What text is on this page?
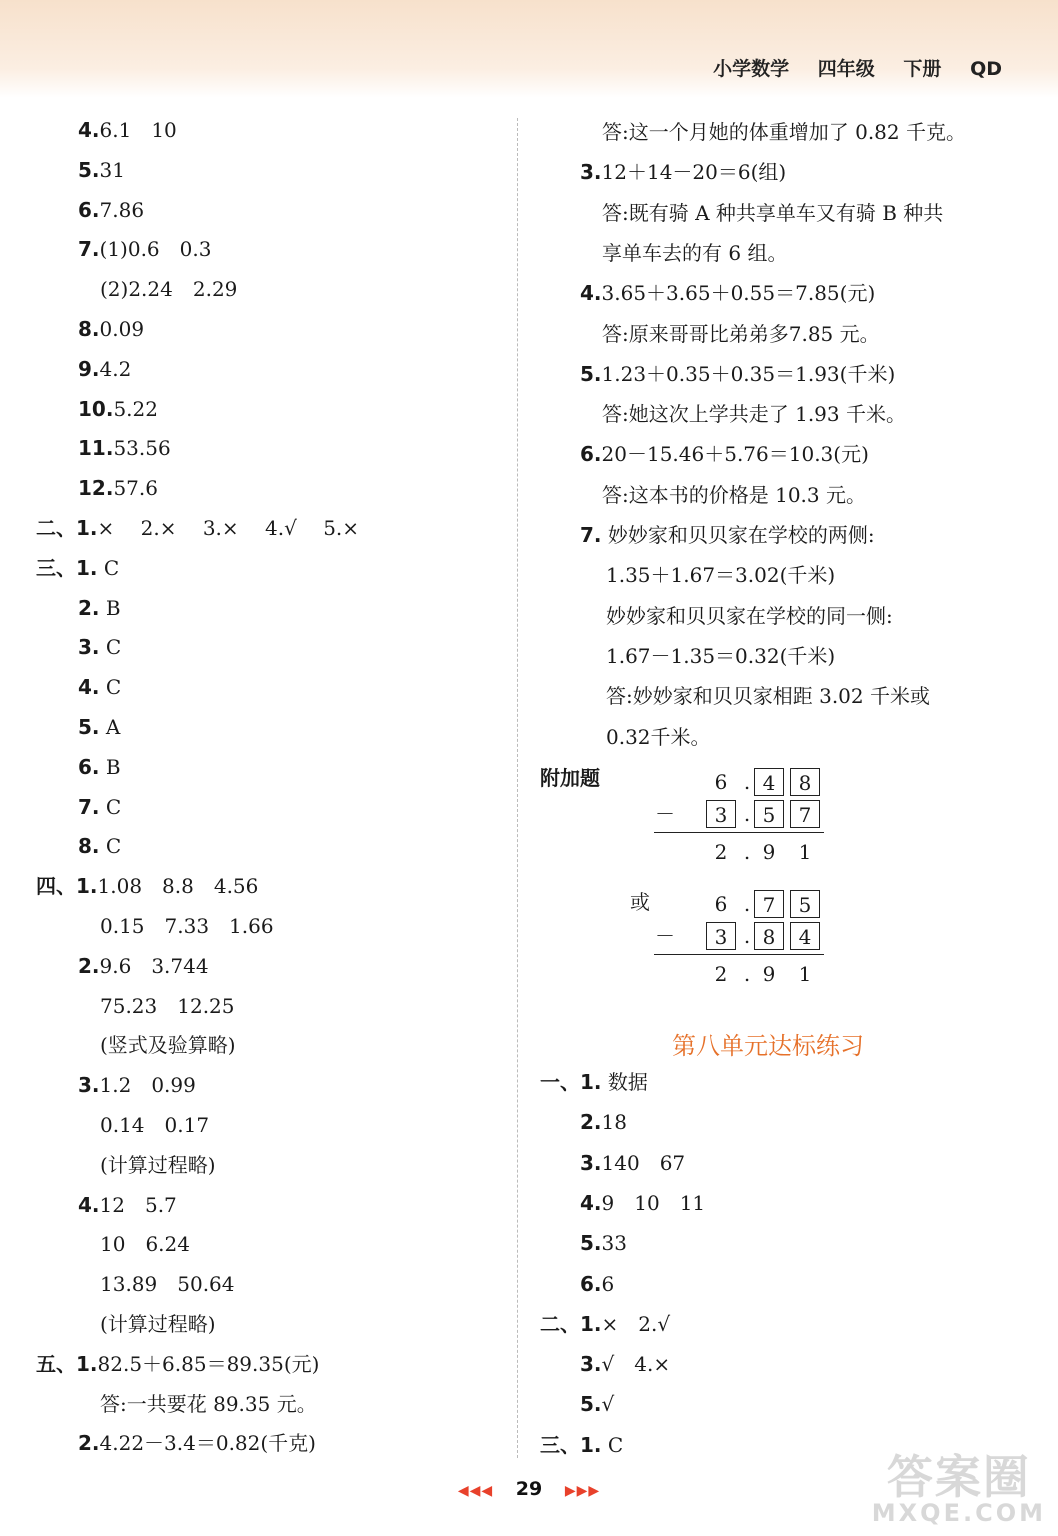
小学数学 四年级 下册 QD
4.6.1　10
5.31
6.7.86
7.(1)0.6　0.3
(2)2.24　2.29
8.0.09
9.4.2
10.5.22
11.53.56
12.57.6
二、1.×　 2.×　 3.×　 4.√　 5.×
三、1. C
2. B
3. C
4. C
5. A
6. B
7. C
8. C
四、1.1.08　8.8　4.56
0.15　7.33　1.66
2.9.6　3.744
75.23　12.25
(竖式及验算略)
3.1.2　0.99
0.14　0.17
(计算过程略)
4.12　5.7
10　6.24
13.89　50.64
(计算过程略)
五、1.82.5＋6.85＝89.35(元)
答:一共要花 89.35 元。
2.4.22－3.4＝0.82(千克)
附加题	6 . 4	8
－	3 . 5	7
2 . 9	1
或	6 . 7	5
－	3 . 8	4
2 . 9	1
第八单元达标练习
一、1. 数据
2.18
3.140　67
4.9　10　11
5.33
6.6
二、1.×　2.√
3.√　4.×
5.√
三、1. C
答:这一个月她的体重增加了 0.82 千克。
3.12＋14－20＝6(组)
答:既有骑 A 种共享单车又有骑 B 种共
享单车去的有 6 组。
4.3.65＋3.65＋0.55＝7.85(元)
答:原来哥哥比弟弟多7.85 元。
5.1.23＋0.35＋0.35＝1.93(千米)
答:她这次上学共走了 1.93 千米。
6.20－15.46＋5.76＝10.3(元)
答:这本书的价格是 10.3 元。
7. 妙妙家和贝贝家在学校的两侧:
1.35＋1.67＝3.02(千米)
妙妙家和贝贝家在学校的同一侧:
1.67－1.35＝0.32(千米)
答:妙妙家和贝贝家相距 3.02 千米或
0.32千米。
◀◀◀ 29 ▶▶▶	答案圈
MXQE.COM
